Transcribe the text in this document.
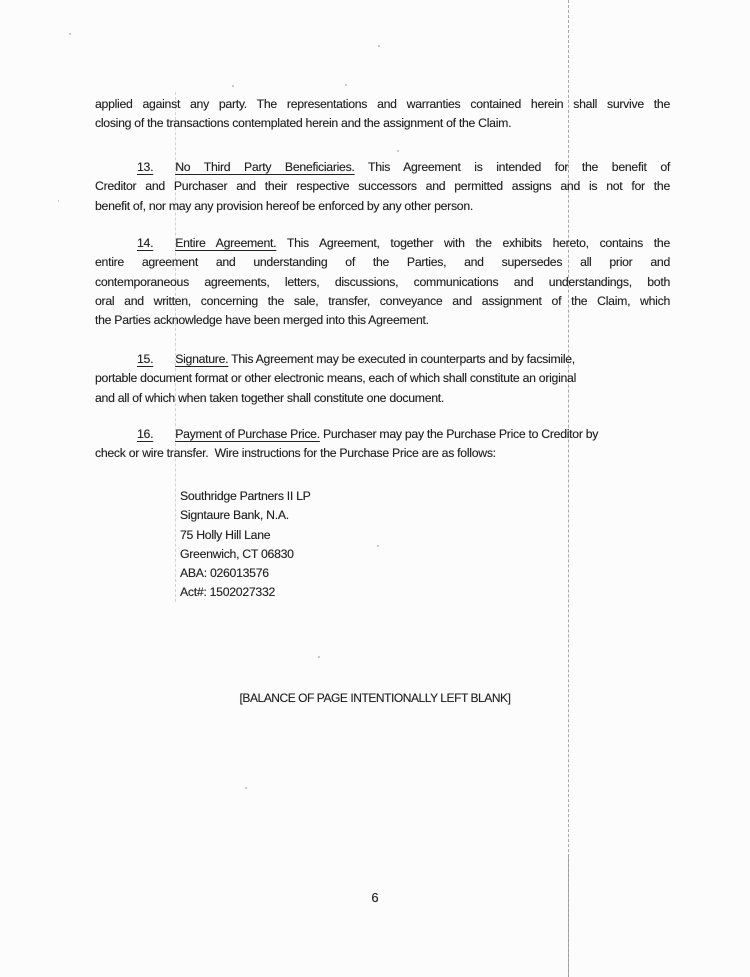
applied against any party. The representations and warranties contained herein shall survive the
closing of the transactions contemplated herein and the assignment of the Claim.
13. No Third Party Beneficiaries. This Agreement is intended for the benefit of
Creditor and Purchaser and their respective successors and permitted assigns and is not for the
benefit of, nor may any provision hereof be enforced by any other person.
14. Entire Agreement. This Agreement, together with the exhibits hereto, contains the
entire agreement and understanding of the Parties, and supersedes all prior and
contemporaneous agreements, letters, discussions, communications and understandings, both
oral and written, concerning the sale, transfer, conveyance and assignment of the Claim, which
the Parties acknowledge have been merged into this Agreement.
15. Signature. This Agreement may be executed in counterparts and by facsimile,
portable document format or other electronic means, each of which shall constitute an original
and all of which when taken together shall constitute one document.
16. Payment of Purchase Price. Purchaser may pay the Purchase Price to Creditor by
check or wire transfer.  Wire instructions for the Purchase Price are as follows:
Southridge Partners II LP
Signtaure Bank, N.A.
75 Holly Hill Lane
Greenwich, CT 06830
ABA: 026013576
Act#: 1502027332
[BALANCE OF PAGE INTENTIONALLY LEFT BLANK]
6
